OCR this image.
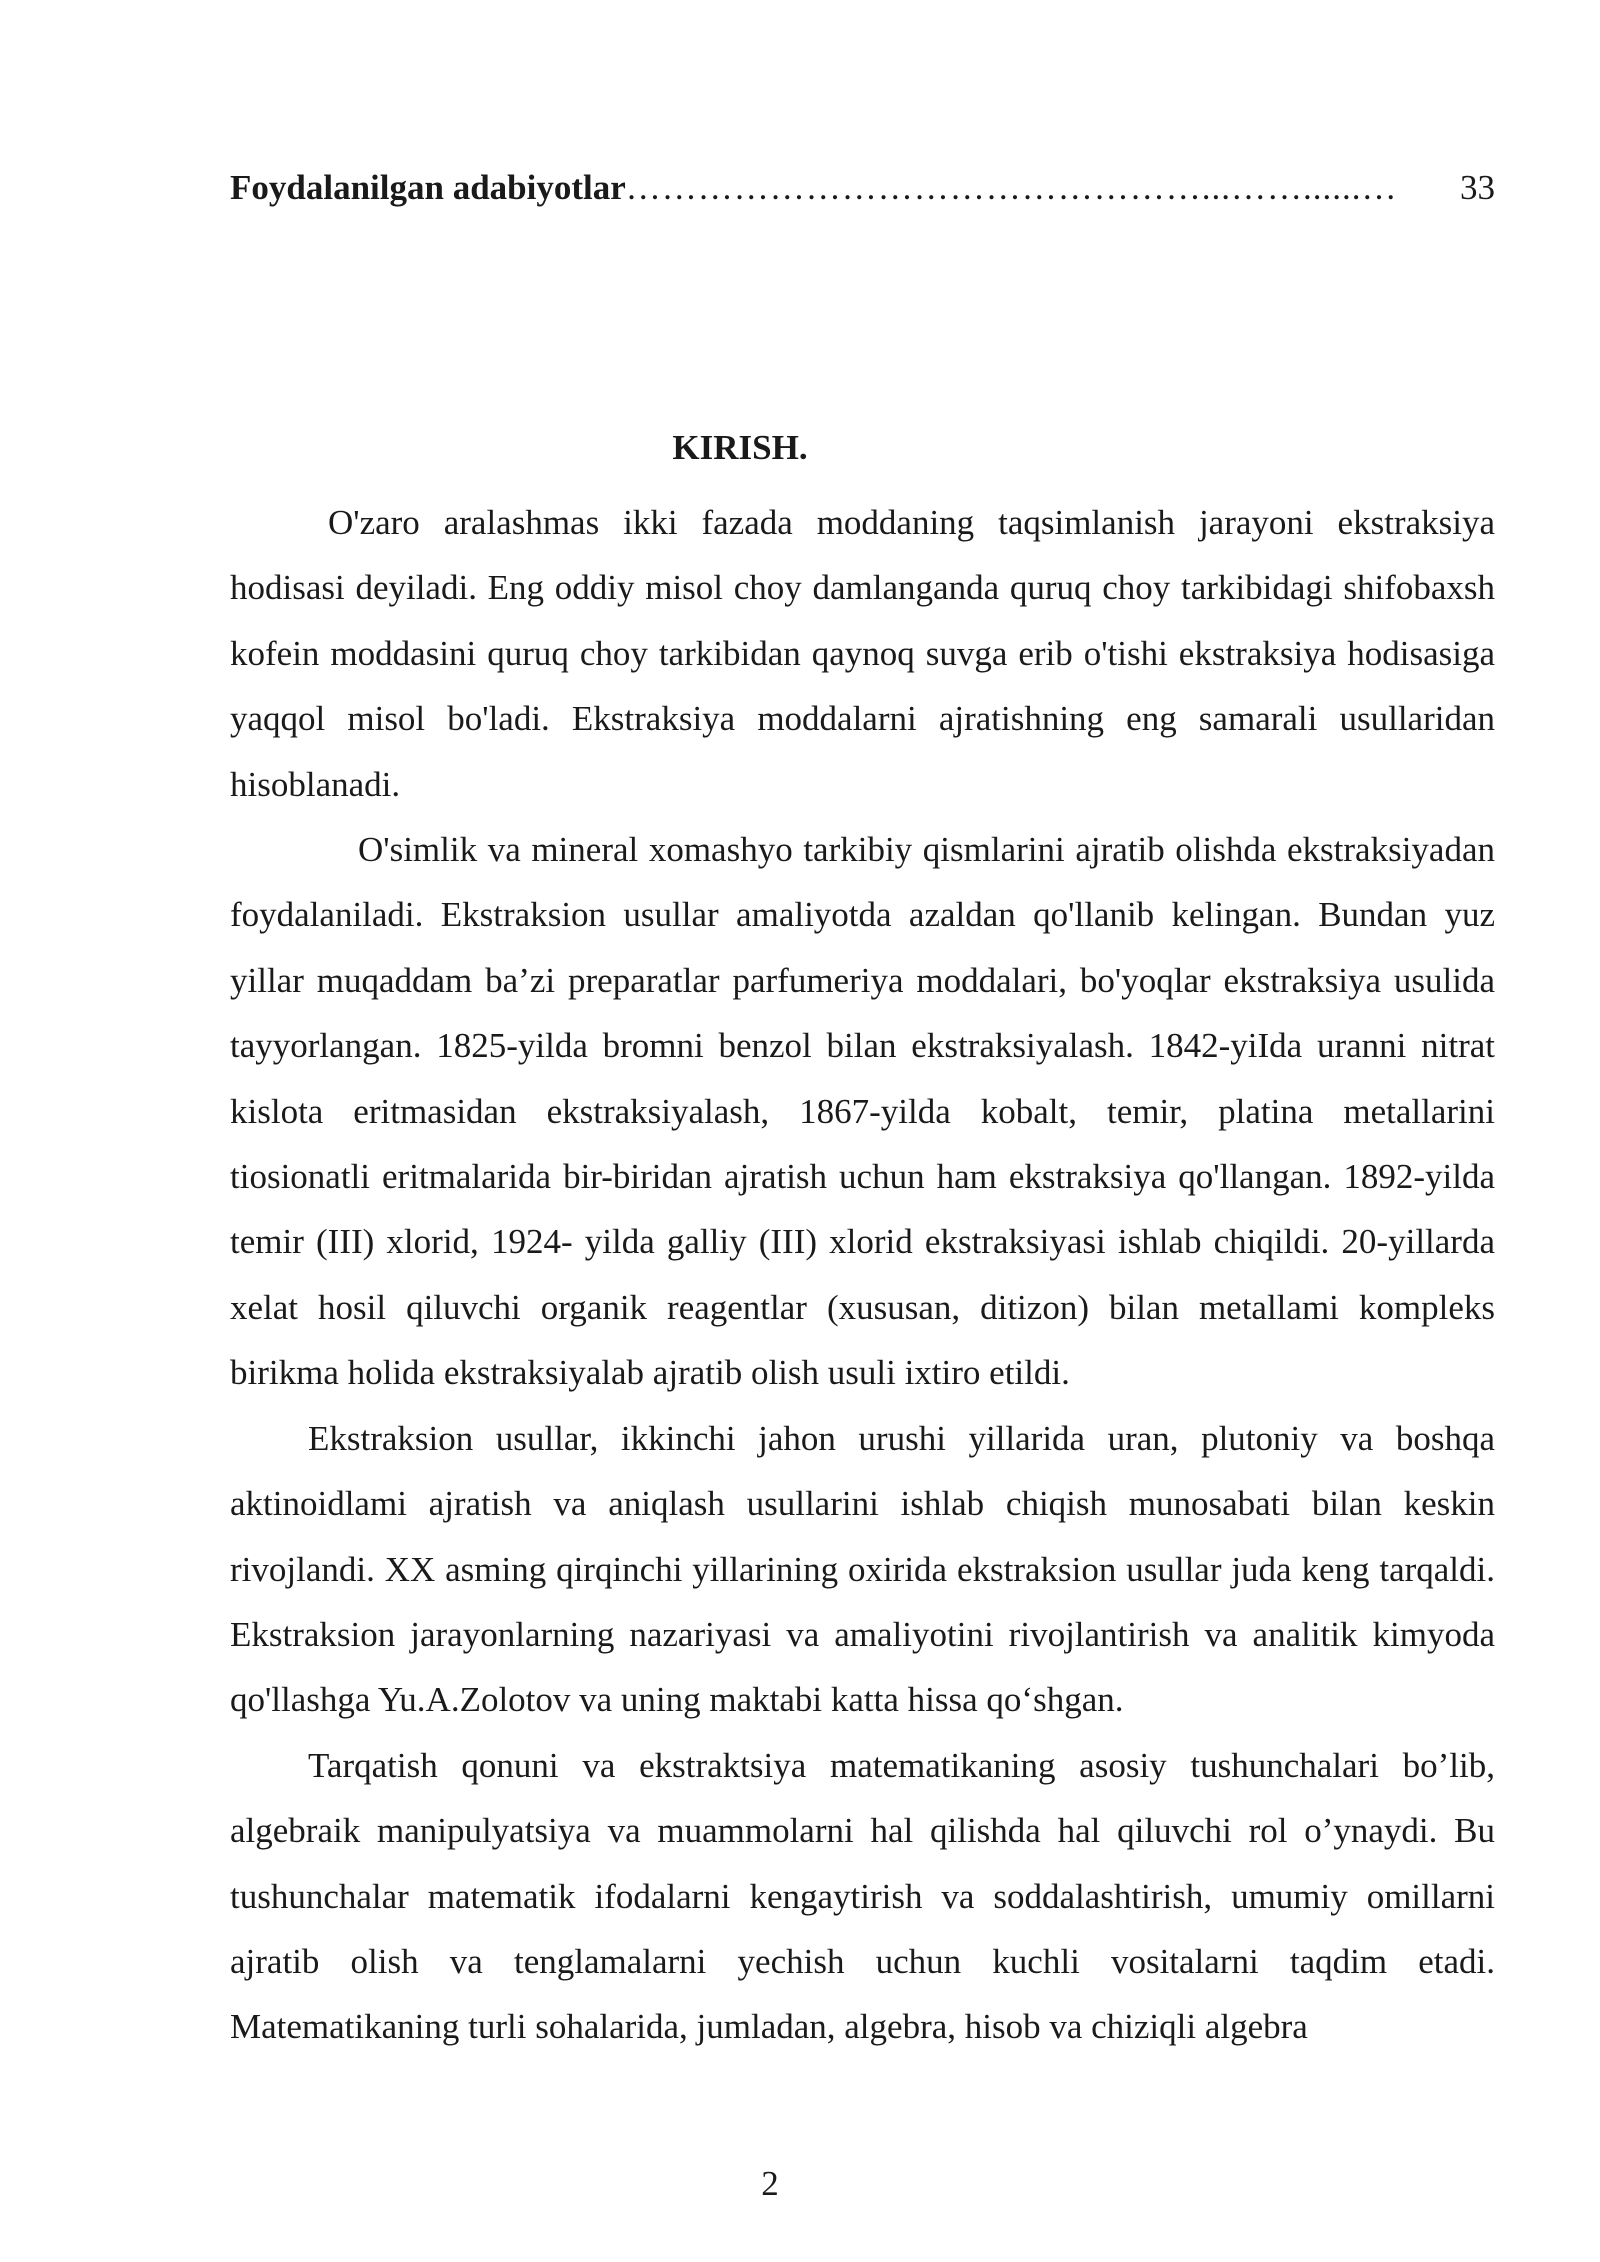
Foydalanilgan adabiyotlar …………………………………………...……......…	33
KIRISH.

O'zaro aralashmas ikki fazada moddaning taqsimlanish jarayoni ekstraksiya hodisasi deyiladi. Eng oddiy misol choy damlanganda quruq choy tarkibidagi shifobaxsh kofein moddasini quruq choy tarkibidan qaynoq suvga erib o'tishi ekstraksiya hodisasiga yaqqol misol bo'ladi. Ekstraksiya moddalarni ajratishning eng samarali usullaridan hisoblanadi.

O'simlik va mineral xomashyo tarkibiy qismlarini ajratib olishda ekstraksiyadan foydalaniladi. Ekstraksion usullar amaliyotda azaldan qo'llanib kelingan. Bundan yuz yillar muqaddam ba’zi preparatlar parfumeriya moddalari, bo'yoqlar ekstraksiya usulida tayyorlangan. 1825-yilda bromni benzol bilan ekstraksiyalash. 1842-yiIda uranni nitrat kislota eritmasidan ekstraksiyalash, 1867-yilda kobalt, temir, platina metallarini tiosionatli eritmalarida bir-biridan ajratish uchun ham ekstraksiya qo'llangan. 1892-yilda temir (III) xlorid, 1924- yilda galliy (III) xlorid ekstraksiyasi ishlab chiqildi. 20-yillarda xelat hosil qiluvchi organik reagentlar (xususan, ditizon) bilan metallami kompleks birikma holida ekstraksiyalab ajratib olish usuli ixtiro etildi.

Ekstraksion usullar, ikkinchi jahon urushi yillarida uran, plutoniy va boshqa aktinoidlami ajratish va aniqlash usullarini ishlab chiqish munosabati bilan keskin rivojlandi. XX asming qirqinchi yillarining oxirida ekstraksion usullar juda keng tarqaldi. Ekstraksion jarayonlarning nazariyasi va amaliyotini rivojlantirish va analitik kimyoda qo'llashga Yu.A.Zolotov va uning maktabi katta hissa qo‘shgan.

Tarqatish qonuni va ekstraktsiya matematikaning asosiy tushunchalari bo’lib, algebraik manipulyatsiya va muammolarni hal qilishda hal qiluvchi rol o’ynaydi. Bu tushunchalar matematik ifodalarni kengaytirish va soddalashtirish, umumiy omillarni ajratib olish va tenglamalarni yechish uchun kuchli vositalarni taqdim etadi. Matematikaning turli sohalarida, jumladan, algebra, hisob va chiziqli algebra

2
